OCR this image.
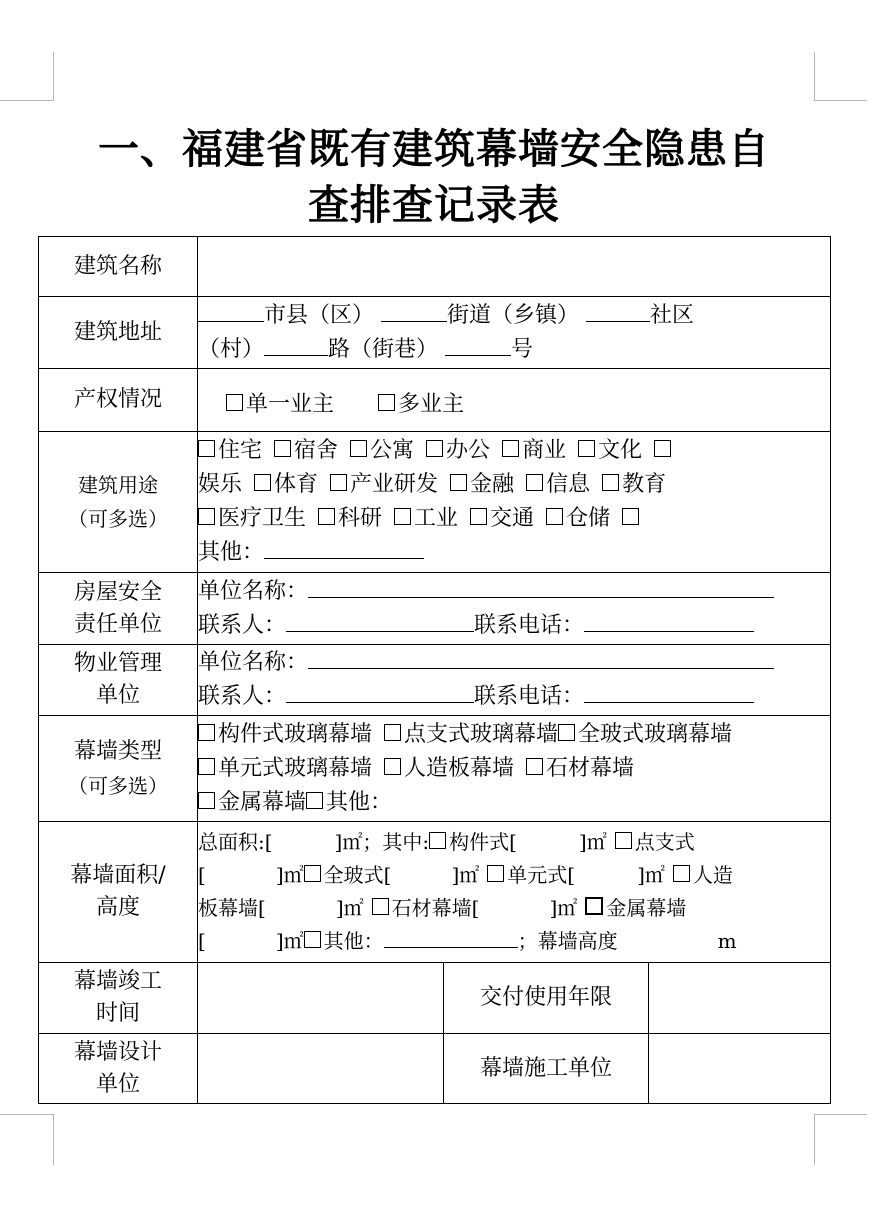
一、福建省既有建筑幕墙安全隐患自
查排查记录表
建筑名称			
建筑地址	市县（区） 街道（乡镇） 社区
（村） 路（街巷） 号		

产权情况	单一业主 多业主		

建筑用途
（可多选）	住宅 宿舍 公寓 办公 商业 文化
娱乐 体育 产业研发 金融 信息 教育
医疗卫生 科研 工业 交通 仓储
其他：		

房屋安全
责任单位	单位名称：
联系人： 联系电话：		

物业管理
单位	单位名称：
联系人： 联系电话：		

幕墙类型
（可多选）	构件式玻璃幕墙 点支式玻璃幕墙 全玻式玻璃幕墙
单元式玻璃幕墙 人造板幕墙 石材幕墙
金属幕墙 其他：		

幕墙面积/
高度	总面积:[ ]㎡；其中: 构件式[ ]㎡ 点支式
[ ]㎡ 全玻式[ ]㎡ 单元式[ ]㎡ 人造
板幕墙[ ]㎡ 石材幕墙[ ]㎡ 金属幕墙
[ ]㎡ 其他： ；幕墙高度 m		

幕墙竣工
时间		交付使用年限	

幕墙设计
单位		幕墙施工单位	
